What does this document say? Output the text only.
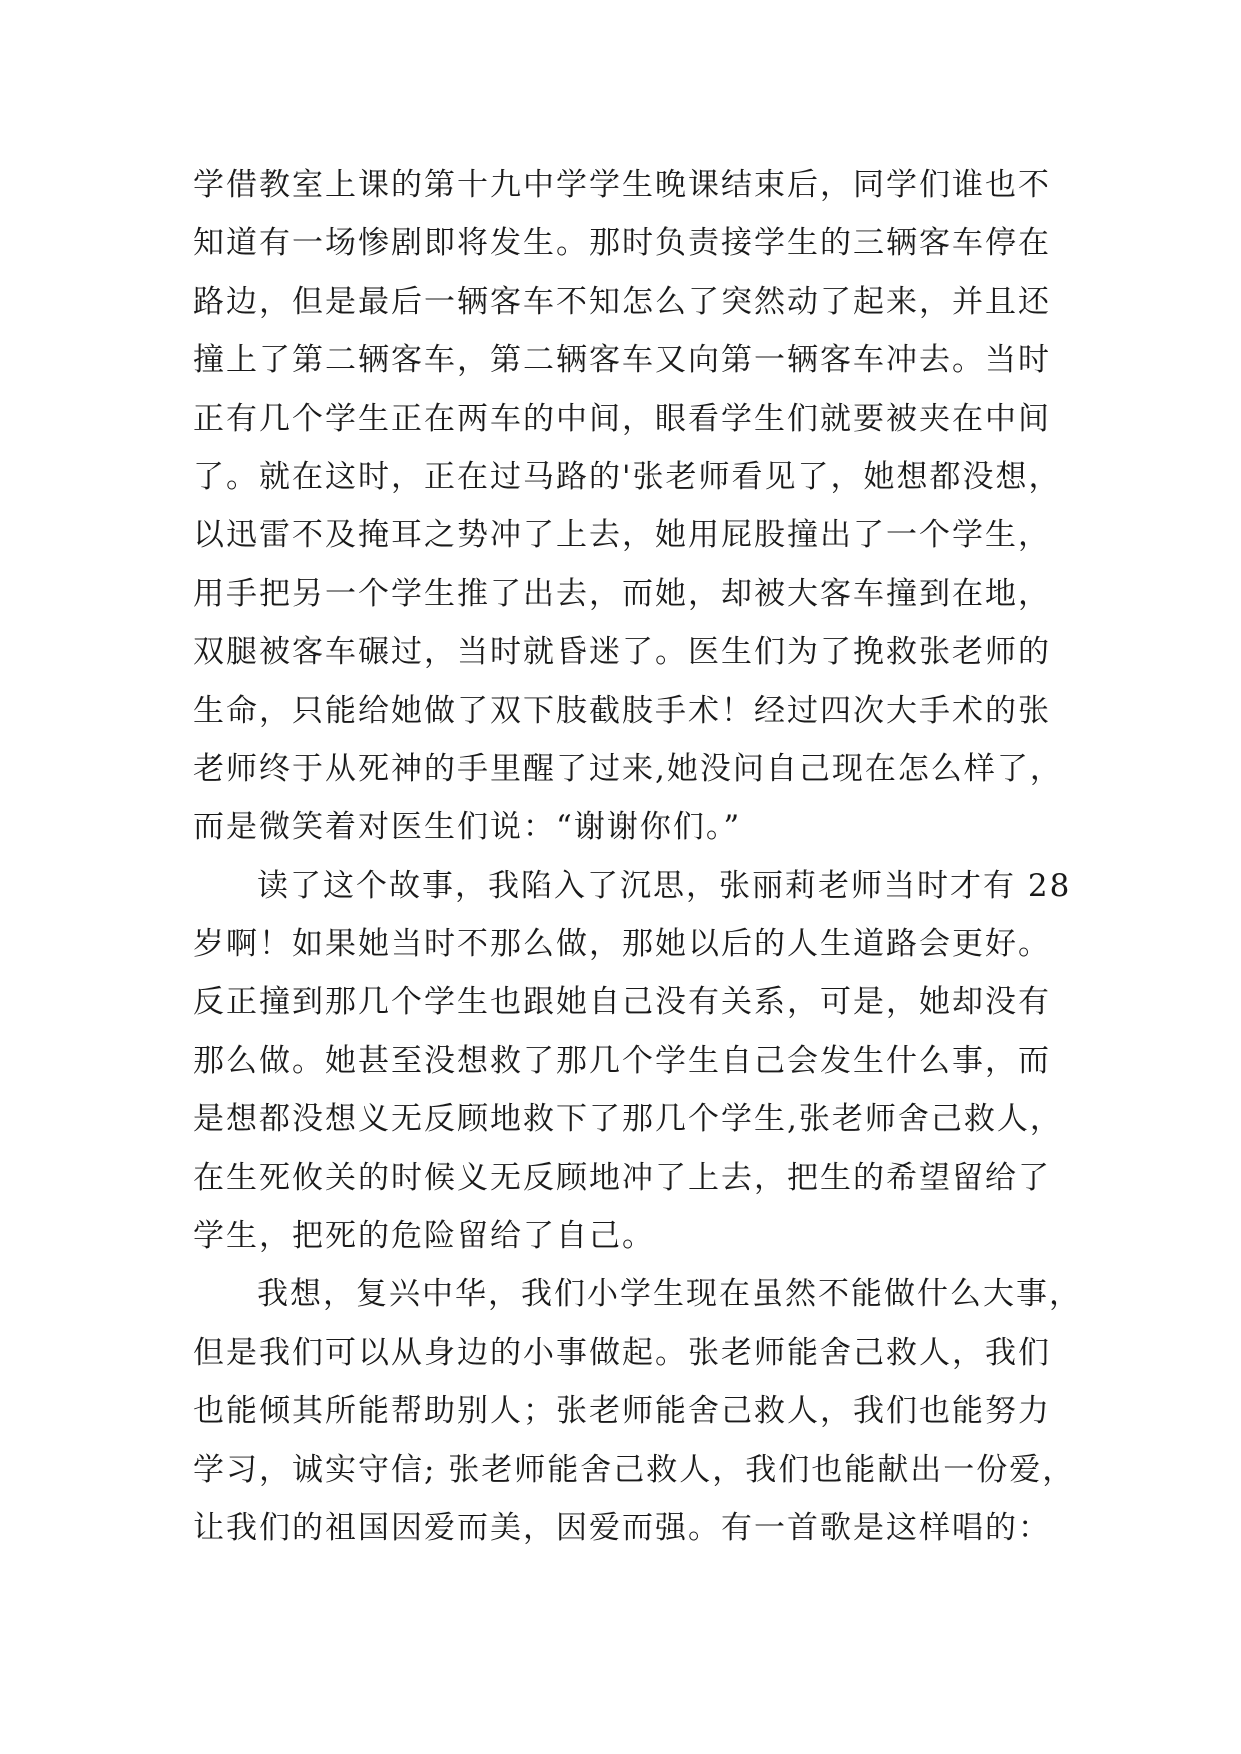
学借教室上课的第十九中学学生晚课结束后，同学们谁也不
知道有一场惨剧即将发生。那时负责接学生的三辆客车停在
路边，但是最后一辆客车不知怎么了突然动了起来，并且还
撞上了第二辆客车，第二辆客车又向第一辆客车冲去。当时
正有几个学生正在两车的中间，眼看学生们就要被夹在中间
了。就在这时，正在过马路的'张老师看见了，她想都没想，
以迅雷不及掩耳之势冲了上去，她用屁股撞出了一个学生，
用手把另一个学生推了出去，而她，却被大客车撞到在地，
双腿被客车碾过，当时就昏迷了。医生们为了挽救张老师的
生命，只能给她做了双下肢截肢手术！经过四次大手术的张
老师终于从死神的手里醒了过来,她没问自己现在怎么样了，
而是微笑着对医生们说：“谢谢你们。”
读了这个故事，我陷入了沉思，张丽莉老师当时才有 28
岁啊！如果她当时不那么做，那她以后的人生道路会更好。
反正撞到那几个学生也跟她自己没有关系，可是，她却没有
那么做。她甚至没想救了那几个学生自己会发生什么事，而
是想都没想义无反顾地救下了那几个学生,张老师舍己救人，
在生死攸关的时候义无反顾地冲了上去，把生的希望留给了
学生，把死的危险留给了自己。
我想，复兴中华，我们小学生现在虽然不能做什么大事，
但是我们可以从身边的小事做起。张老师能舍己救人，我们
也能倾其所能帮助别人；张老师能舍己救人，我们也能努力
学习，诚实守信; 张老师能舍己救人，我们也能献出一份爱，
让我们的祖国因爱而美，因爱而强。有一首歌是这样唱的：
